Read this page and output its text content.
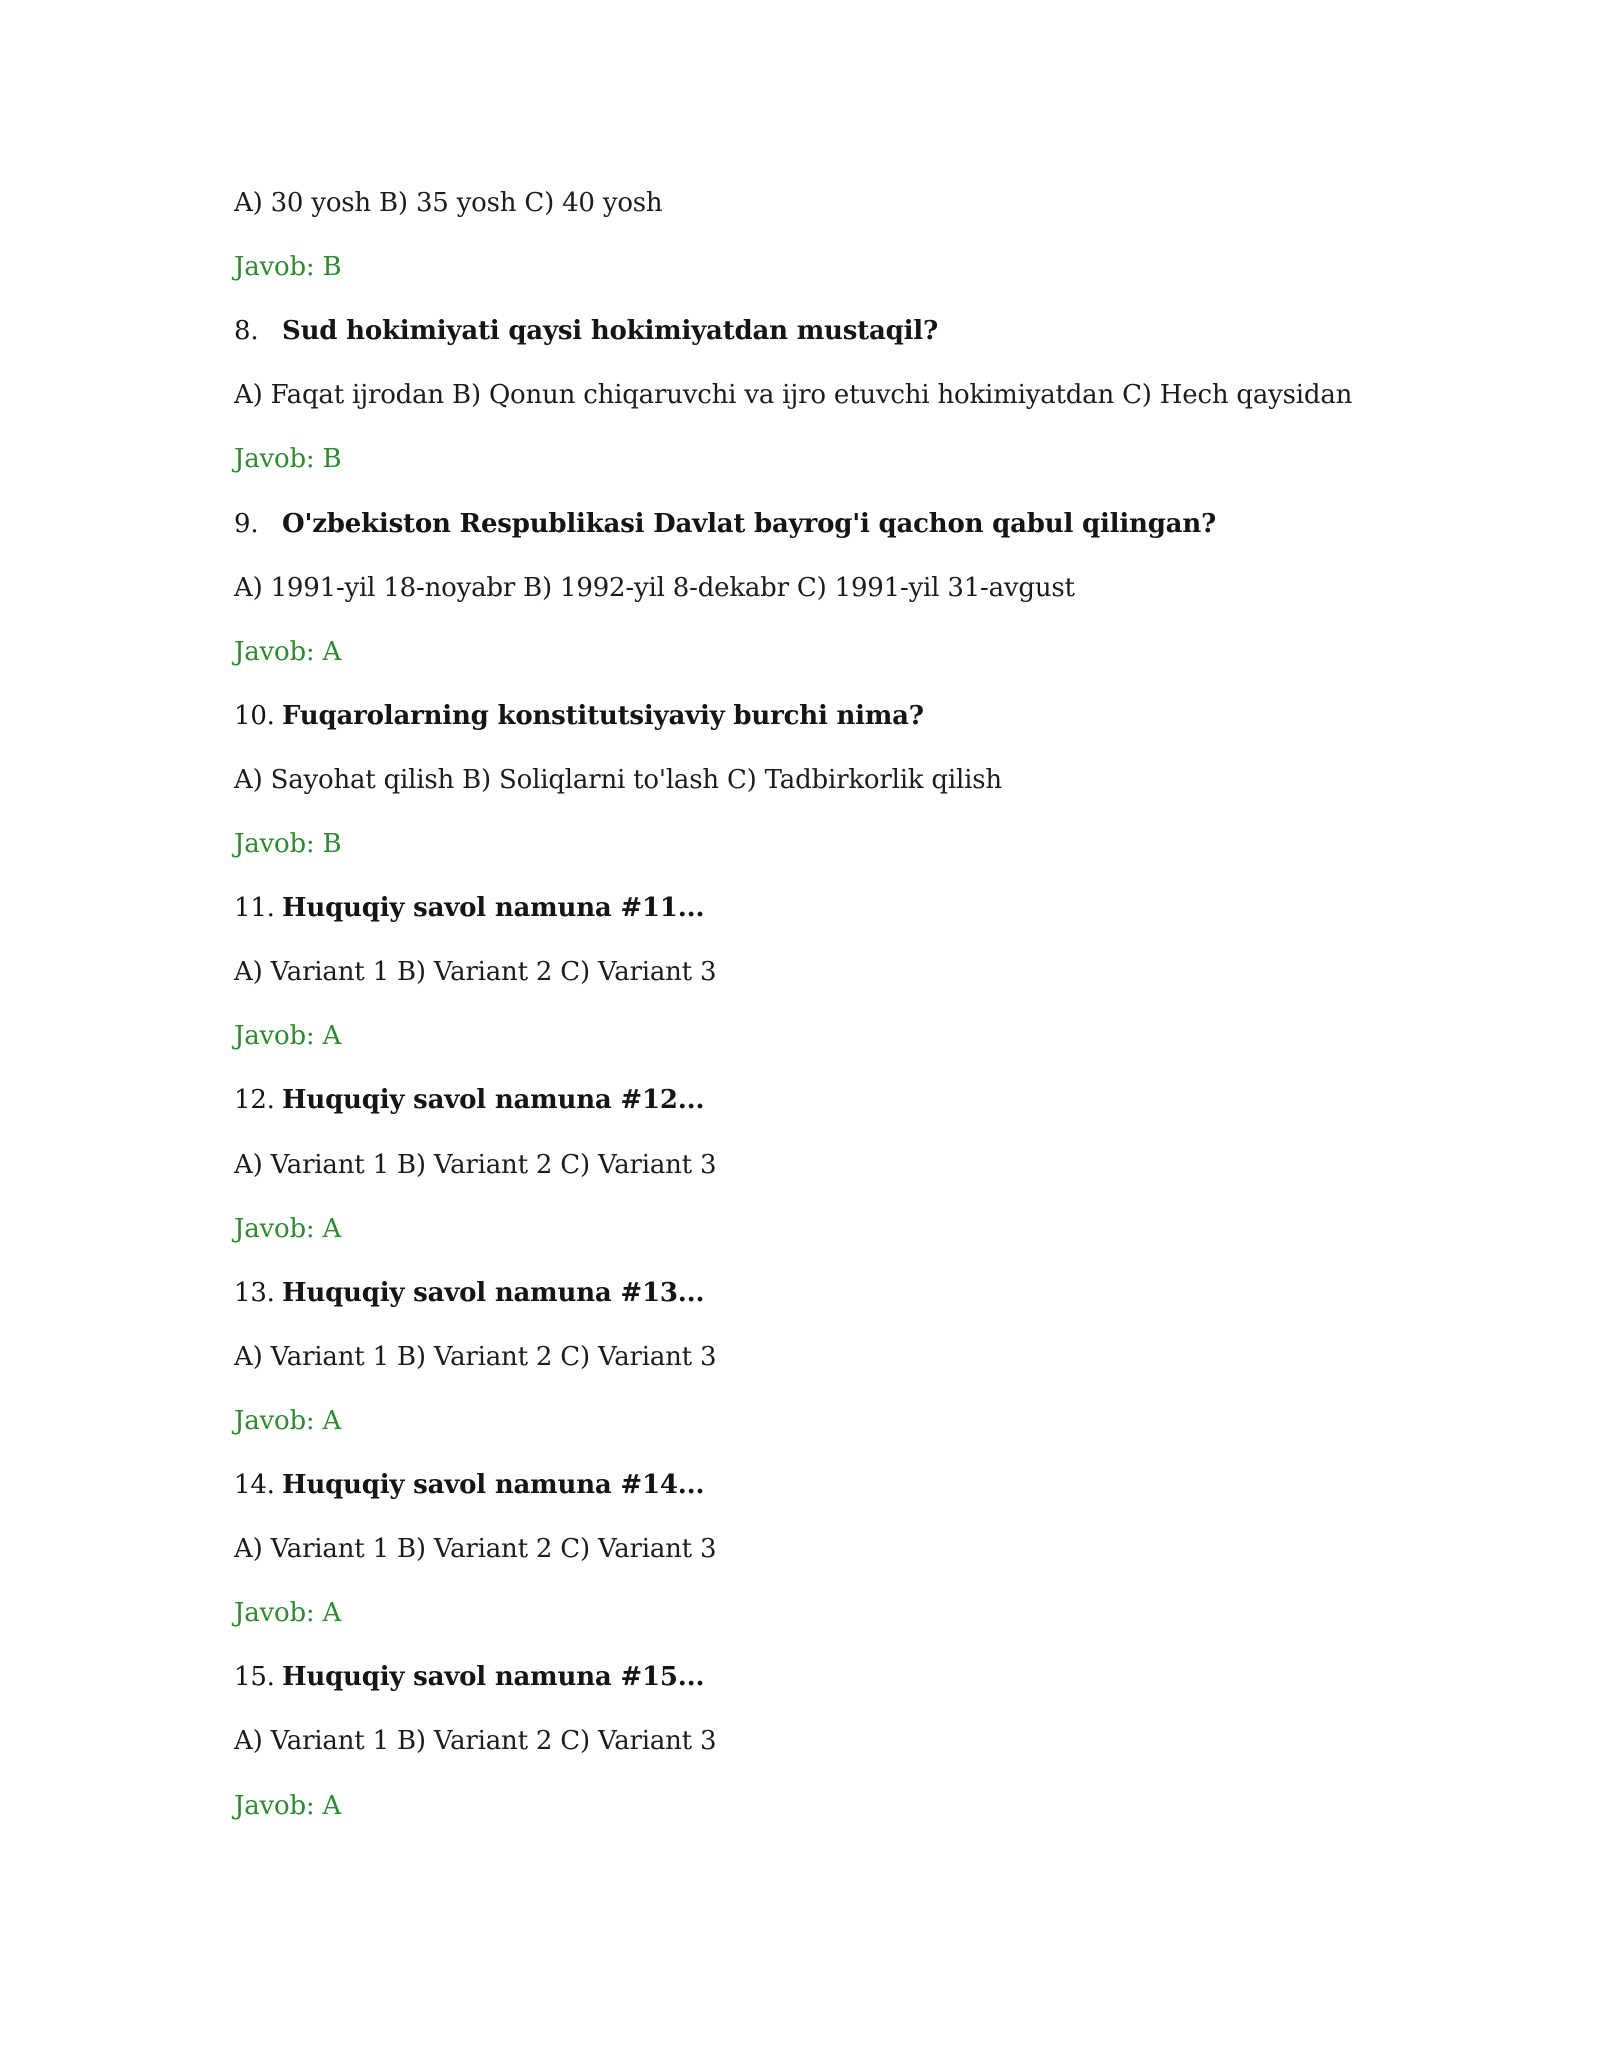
A) 30 yosh B) 35 yosh C) 40 yosh
Javob: B
8. Sud hokimiyati qaysi hokimiyatdan mustaqil?
A) Faqat ijrodan B) Qonun chiqaruvchi va ijro etuvchi hokimiyatdan C) Hech qaysidan
Javob: B
9. O'zbekiston Respublikasi Davlat bayrog'i qachon qabul qilingan?
A) 1991-yil 18-noyabr B) 1992-yil 8-dekabr C) 1991-yil 31-avgust
Javob: A
10. Fuqarolarning konstitutsiyaviy burchi nima?
A) Sayohat qilish B) Soliqlarni to'lash C) Tadbirkorlik qilish
Javob: B
11. Huquqiy savol namuna #11...
A) Variant 1 B) Variant 2 C) Variant 3
Javob: A
12. Huquqiy savol namuna #12...
A) Variant 1 B) Variant 2 C) Variant 3
Javob: A
13. Huquqiy savol namuna #13...
A) Variant 1 B) Variant 2 C) Variant 3
Javob: A
14. Huquqiy savol namuna #14...
A) Variant 1 B) Variant 2 C) Variant 3
Javob: A
15. Huquqiy savol namuna #15...
A) Variant 1 B) Variant 2 C) Variant 3
Javob: A
